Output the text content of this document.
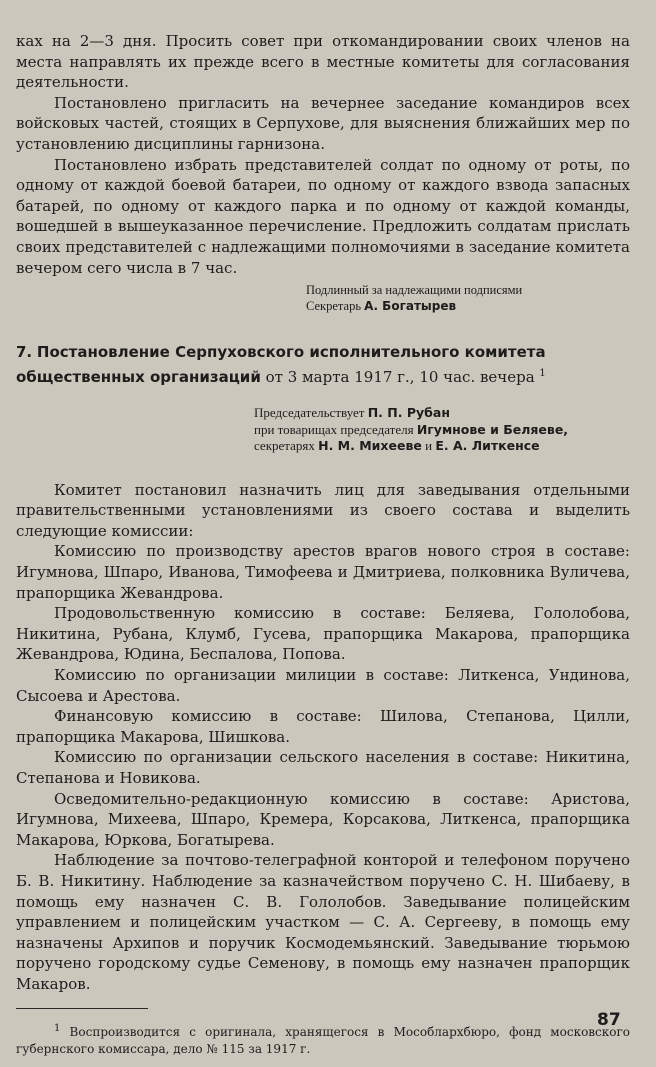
ках на 2—3 дня. Просить совет при откомандировании своих членов на места направлять их прежде всего в местные комитеты для согласования деятельности.

Постановлено пригласить на вечернее заседание командиров всех войсковых частей, стоящих в Серпухове, для выяснения ближайших мер по установлению дисциплины гарнизона.

Постановлено избрать представителей солдат по одному от роты, по одному от каждой боевой батареи, по одному от каждого взвода запасных батарей, по одному от каждого парка и по одному от каждой команды, вошедшей в вышеуказанное перечисление. Предложить солдатам прислать своих представителей с надлежащими полномочиями в заседание комитета вечером сего числа в 7 час.

Подлинный за надлежащими подписями
Секретарь А. Богатырев
7. Постановление Серпуховского исполнительного комитета общественных организаций от 3 марта 1917 г., 10 час. вечера $^1$
Председательствует П. П. Рубан
при товарищах председателя Игумнове и Беляеве,
секретарях Н. М. Михееве и Е. А. Литкенсе

Комитет постановил назначить лиц для заведывания отдельными правительственными установлениями из своего состава и выделить следующие комиссии:

Комиссию по производству арестов врагов нового строя в составе: Игумнова, Шпаро, Иванова, Тимофеева и Дмитриева, полковника Вуличева, прапорщика Жевандрова.

Продовольственную комиссию в составе: Беляева, Гололобова, Никитина, Рубана, Клумб, Гусева, прапорщика Макарова, прапорщика Жевандрова, Юдина, Беспалова, Попова.

Комиссию по организации милиции в составе: Литкенса, Ундинова, Сысоева и Арестова.

Финансовую комиссию в составе: Шилова, Степанова, Цилли, прапорщика Макарова, Шишкова.

Комиссию по организации сельского населения в составе: Никитина, Степанова и Новикова.

Осведомительно-редакционную комиссию в составе: Аристова, Игумнова, Михеева, Шпаро, Кремера, Корсакова, Литкенса, прапорщика Макарова, Юркова, Богатырева.

Наблюдение за почтово-телеграфной конторой и телефоном поручено Б. В. Никитину. Наблюдение за казначейством поручено С. Н. Шибаеву, в помощь ему назначен С. В. Гололобов. Заведывание полицейским управлением и полицейским участком — С. А. Сергееву, в помощь ему назначены Архипов и поручик Космодемьянский. Заведывание тюрьмою поручено городскому судье Семенову, в помощь ему назначен прапорщик Макаров.

$^1$ Воспроизводится с оригинала, хранящегося в Мособлархбюро, фонд московского губернского комиссара, дело № 115 за 1917 г.

87
